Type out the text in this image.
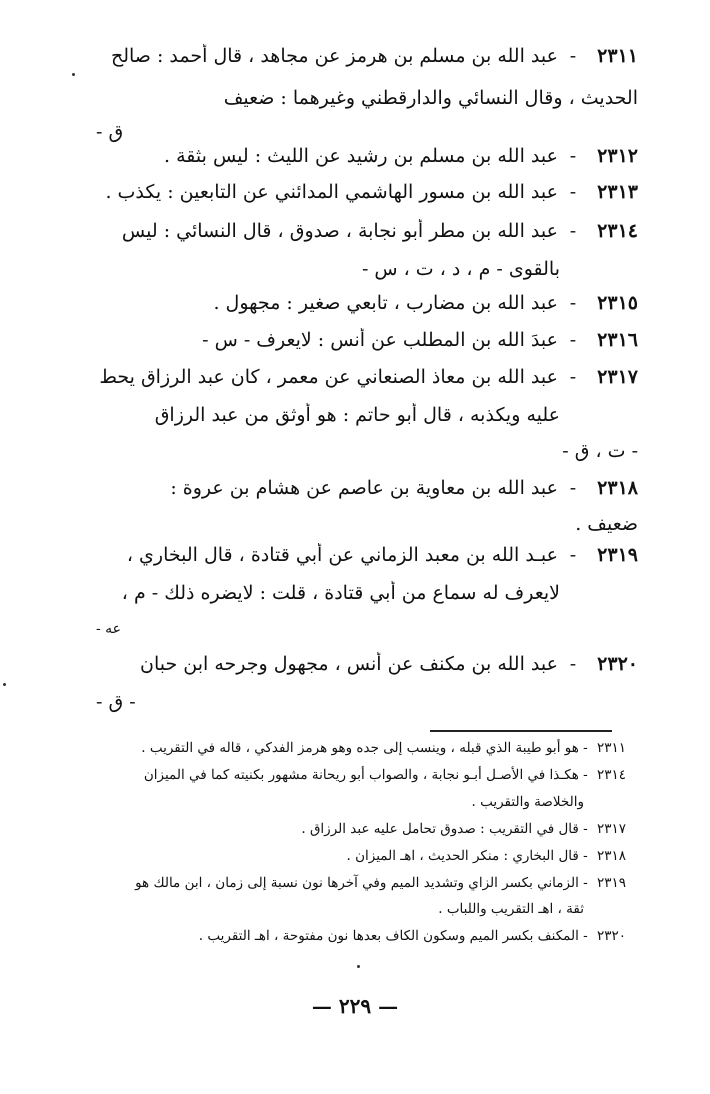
٢٣١١- عبد الله بن مسلم بن هرمز عن مجاهد ، قال أحمد : صالح
الحديث ، وقال النسائي والدارقطني وغيرهما : ضعيف
ق -
٢٣١٢- عبد الله بن مسلم بن رشيد عن الليث : ليس بثقة .
٢٣١٣- عبد الله بن مسور الهاشمي المدائني عن التابعين : يكذب .
٢٣١٤- عبد الله بن مطر أبو نجابة ، صدوق ، قال النسائي : ليس
بالقوى - م ، د ، ت ، س -
٢٣١٥- عبد الله بن مضارب ، تابعي صغير : مجهول .
٢٣١٦- عبدَ الله بن المطلب عن أنس : لايعرف - س -
٢٣١٧- عبد الله بن معاذ الصنعاني عن معمر ، كان عبد الرزاق يحط
عليه ويكذبه ، قال أبو حاتم : هو أوثق من عبد الرزاق
- ت ، ق -
٢٣١٨- عبد الله بن معاوية بن عاصم عن هشام بن عروة :
ضعيف .
٢٣١٩- عبـد الله بن معبد الزماني عن أبي قتادة ، قال البخاري ،
لايعرف له سماع من أبي قتادة ، قلت : لايضره ذلك - م ،
عه -
٢٣٢٠- عبد الله بن مكنف عن أنس ، مجهول وجرحه ابن حبان
- ق -
٢٣١١ - هو أبو طيبة الذي قبله ، وينسب إلى جده وهو هرمز الفدكي ، قاله في التقريب .
٢٣١٤ - هكـذا في الأصـل أبـو نجابة ، والصواب أبو ريحانة مشهور بكنيته كما في الميزان
والخلاصة والتقريب .
٢٣١٧ - قال في التقريب : صدوق تحامل عليه عبد الرزاق .
٢٣١٨ - قال البخاري : منكر الحديث ، اهـ الميزان .
٢٣١٩ - الزماني بكسر الزاي وتشديد الميم وفي آخرها نون نسبة إلى زمان ، ابن مالك هو
ثقة ، اهـ التقريب واللباب .
٢٣٢٠ - المكنف بكسر الميم وسكون الكاف بعدها نون مفتوحة ، اهـ التقريب .
— ٢٢٩ —
